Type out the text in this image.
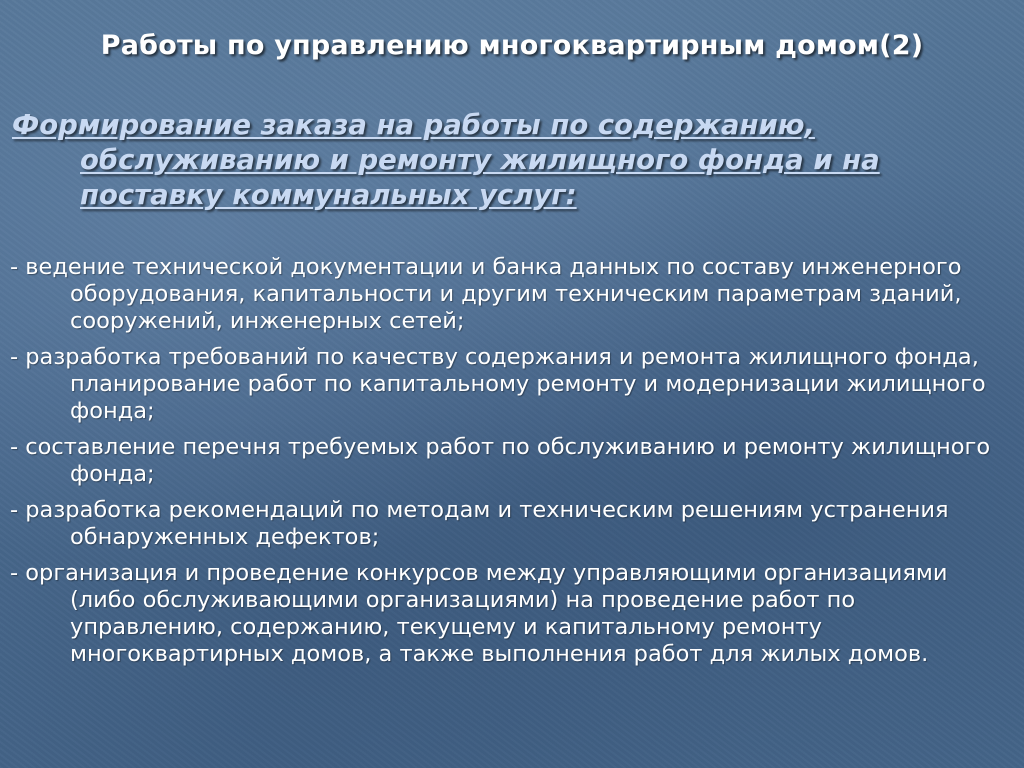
Работы по управлению многоквартирным домом(2)
Формирование заказа на работы по содержанию, обслуживанию и ремонту жилищного фонда и на поставку коммунальных услуг:
- ведение технической документации и банка данных по составу инженерного оборудования, капитальности и другим техническим параметрам зданий, сооружений, инженерных сетей;
- разработка требований по качеству содержания и ремонта жилищного фонда, планирование работ по капитальному ремонту и модернизации жилищного фонда;
- составление перечня требуемых работ по обслуживанию и ремонту жилищного фонда;
- разработка рекомендаций по методам и техническим решениям устранения обнаруженных дефектов;
- организация и проведение конкурсов между управляющими организациями (либо обслуживающими организациями) на проведение работ по управлению, содержанию, текущему и капитальному ремонту многоквартирных домов, а также выполнения работ для жилых домов.
